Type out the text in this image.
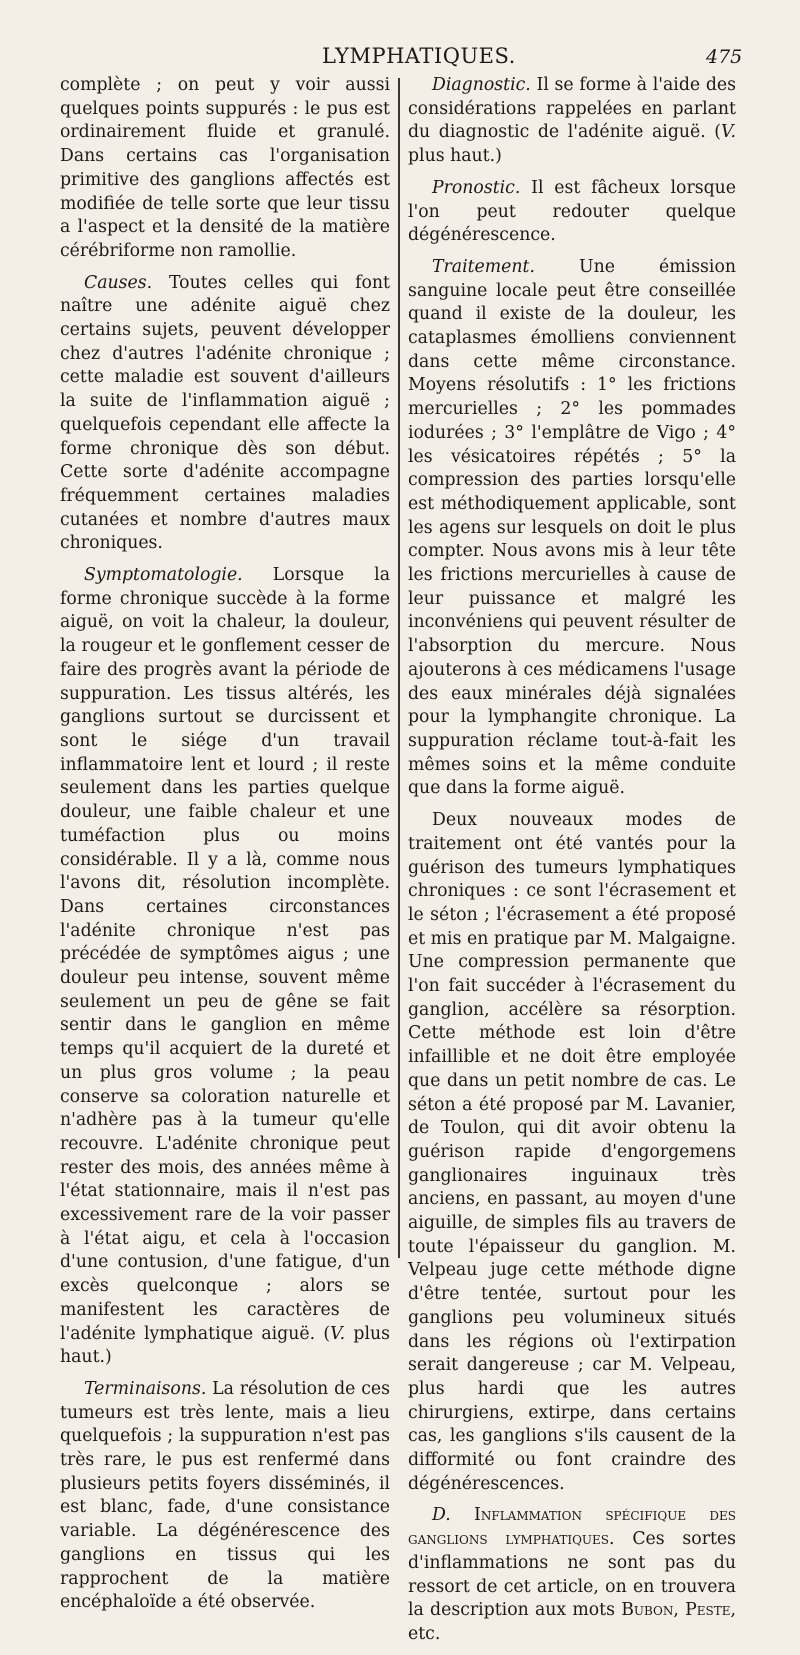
LYMPHATIQUES.	475

complète ; on peut y voir aussi quelques points suppurés : le pus est ordinairement fluide et granulé. Dans certains cas l'organisation primitive des ganglions affectés est modifiée de telle sorte que leur tissu a l'aspect et la densité de la matière cérébriforme non ramollie.

Causes. Toutes celles qui font naître une adénite aiguë chez certains sujets, peuvent développer chez d'autres l'adénite chronique ; cette maladie est souvent d'ailleurs la suite de l'inflammation aiguë ; quelquefois cependant elle affecte la forme chronique dès son début. Cette sorte d'adénite accompagne fréquemment certaines maladies cutanées et nombre d'autres maux chroniques.

Symptomatologie. Lorsque la forme chronique succède à la forme aiguë, on voit la chaleur, la douleur, la rougeur et le gonflement cesser de faire des progrès avant la période de suppuration. Les tissus altérés, les ganglions surtout se durcissent et sont le siége d'un travail inflammatoire lent et lourd ; il reste seulement dans les parties quelque douleur, une faible chaleur et une tuméfaction plus ou moins considérable. Il y a là, comme nous l'avons dit, résolution incomplète. Dans certaines circonstances l'adénite chronique n'est pas précédée de symptômes aigus ; une douleur peu intense, souvent même seulement un peu de gêne se fait sentir dans le ganglion en même temps qu'il acquiert de la dureté et un plus gros volume ; la peau conserve sa coloration naturelle et n'adhère pas à la tumeur qu'elle recouvre. L'adénite chronique peut rester des mois, des années même à l'état stationnaire, mais il n'est pas excessivement rare de la voir passer à l'état aigu, et cela à l'occasion d'une contusion, d'une fatigue, d'un excès quelconque ; alors se manifestent les caractères de l'adénite lymphatique aiguë. (V. plus haut.)

Terminaisons. La résolution de ces tumeurs est très lente, mais a lieu quelquefois ; la suppuration n'est pas très rare, le pus est renfermé dans plusieurs petits foyers disséminés, il est blanc, fade, d'une consistance variable. La dégénérescence des ganglions en tissus qui les rapprochent de la matière encéphaloïde a été observée.

Diagnostic. Il se forme à l'aide des considérations rappelées en parlant du diagnostic de l'adénite aiguë. (V. plus haut.)

Pronostic. Il est fâcheux lorsque l'on peut redouter quelque dégénérescence.

Traitement. Une émission sanguine locale peut être conseillée quand il existe de la douleur, les cataplasmes émolliens conviennent dans cette même circonstance. Moyens résolutifs : 1° les frictions mercurielles ; 2° les pommades iodurées ; 3° l'emplâtre de Vigo ; 4° les vésicatoires répétés ; 5° la compression des parties lorsqu'elle est méthodiquement applicable, sont les agens sur lesquels on doit le plus compter. Nous avons mis à leur tête les frictions mercurielles à cause de leur puissance et malgré les inconvéniens qui peuvent résulter de l'absorption du mercure. Nous ajouterons à ces médicamens l'usage des eaux minérales déjà signalées pour la lymphangite chronique. La suppuration réclame tout-à-fait les mêmes soins et la même conduite que dans la forme aiguë.

Deux nouveaux modes de traitement ont été vantés pour la guérison des tumeurs lymphatiques chroniques : ce sont l'écrasement et le séton ; l'écrasement a été proposé et mis en pratique par M. Malgaigne. Une compression permanente que l'on fait succéder à l'écrasement du ganglion, accélère sa résorption. Cette méthode est loin d'être infaillible et ne doit être employée que dans un petit nombre de cas. Le séton a été proposé par M. Lavanier, de Toulon, qui dit avoir obtenu la guérison rapide d'engorgemens ganglionaires inguinaux très anciens, en passant, au moyen d'une aiguille, de simples fils au travers de toute l'épaisseur du ganglion. M. Velpeau juge cette méthode digne d'être tentée, surtout pour les ganglions peu volumineux situés dans les régions où l'extirpation serait dangereuse ; car M. Velpeau, plus hardi que les autres chirurgiens, extirpe, dans certains cas, les ganglions s'ils causent de la difformité ou font craindre des dégénérescences.

D. Inflammation spécifique des ganglions lymphatiques. Ces sortes d'inflammations ne sont pas du ressort de cet article, on en trouvera la description aux mots Bubon, Peste, etc.
